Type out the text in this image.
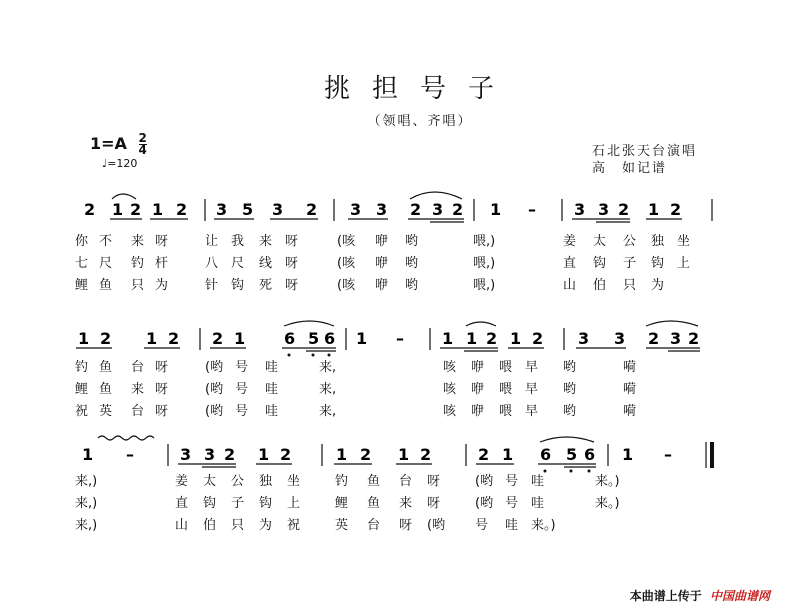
挑担号子
（领唱、齐唱）
$1=A \frac{2}{4}$
♩=120
石北张天台演唱
高　如记谱
2 1 2 1 2 3 5 3 2 3 3 2 3 2 1 – 3 3 2 1 2

你 不 来 呀	让 我 来 呀	(咳 咿 哟	喂,)	姜 太 公 独 坐

七 尺 钓 杆	八 尺 线 呀	(咳 咿 哟	喂,)	直 钩 子 钩 上

鲤 鱼 只 为	针 钩 死 呀	(咳 咿 哟	喂,)	山 伯 只 为

1 2 1 2 2 1 6 5 6 1 – 1 1 2 1 2 3 3 2 3 2

钓 鱼 台 呀	(哟 号 哇	来,	咳 咿 喂 早 哟	嗬

鲤 鱼 来 呀	(哟 号 哇	来,	咳 咿 喂 早 哟	嗬

祝 英 台 呀	(哟 号 哇	来,	咳 咿 喂 早 哟	嗬

1 –	3 3 2 1 2	1 2 1 2	2 1 6 5 6 1 –

来,)	姜 太 公 独 坐	钓 鱼 台 呀	(哟 号 哇	来。)

来,)	直 钩 子 钩 上	鲤 鱼 来 呀	(哟 号 哇	来。)

来,)	山 伯 只 为 祝	英 台 呀 (哟 号 哇 来。)

本曲谱上传于 中国曲谱网
